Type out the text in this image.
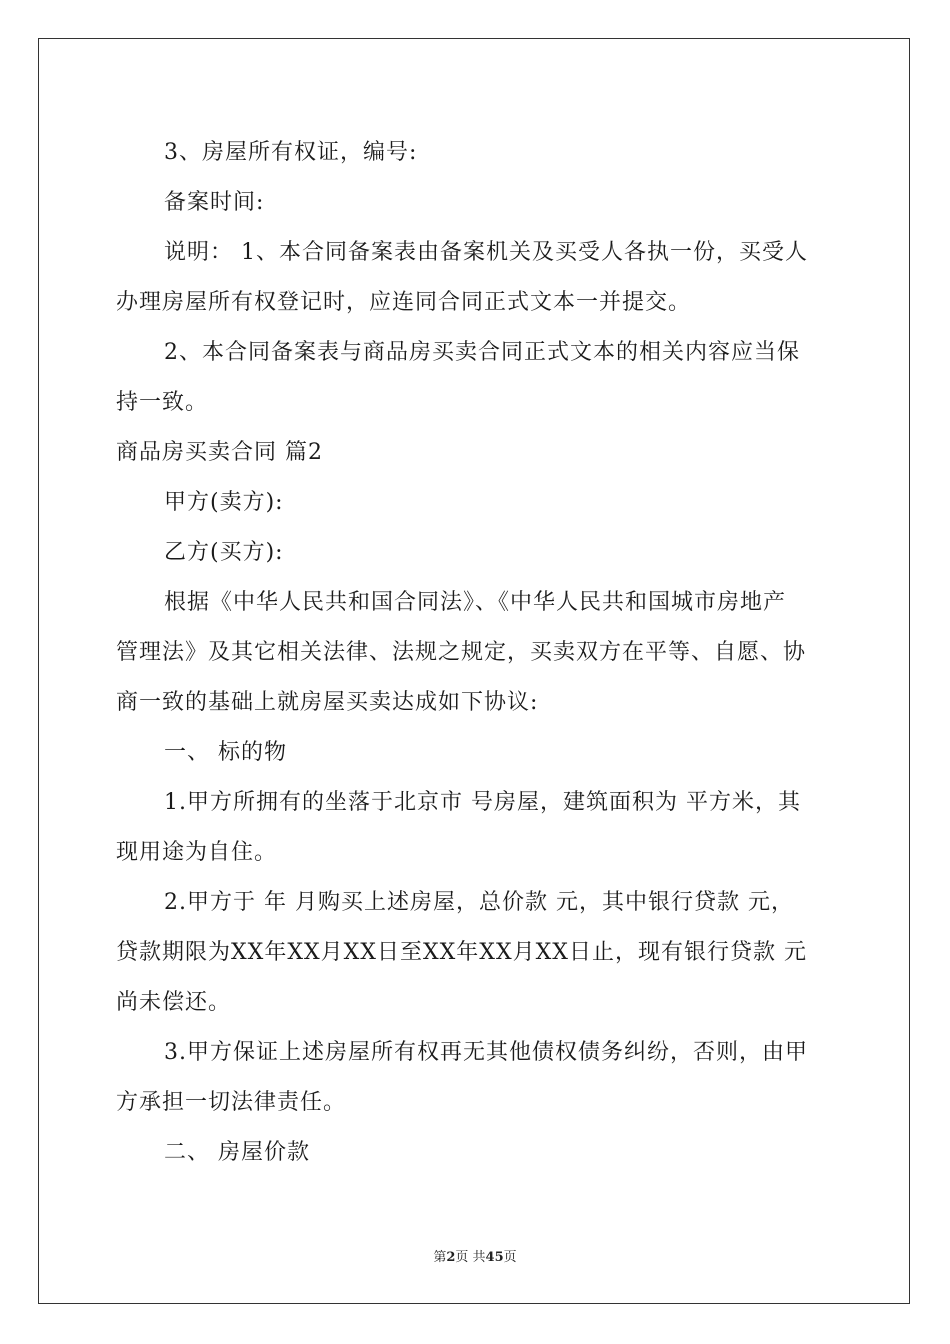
3、房屋所有权证，编号:
备案时间:
说明： 1、本合同备案表由备案机关及买受人各执一份，买受人
办理房屋所有权登记时，应连同合同正式文本一并提交。
2、本合同备案表与商品房买卖合同正式文本的相关内容应当保
持一致。
商品房买卖合同 篇2
甲方(卖方):
乙方(买方):
根据《中华人民共和国合同法》、《中华人民共和国城市房地产
管理法》及其它相关法律、法规之规定，买卖双方在平等、自愿、协
商一致的基础上就房屋买卖达成如下协议:
一、 标的物
1.甲方所拥有的坐落于北京市 号房屋，建筑面积为 平方米，其
现用途为自住。
2.甲方于 年 月购买上述房屋，总价款 元，其中银行贷款 元，
贷款期限为XX年XX月XX日至XX年XX月XX日止，现有银行贷款 元
尚未偿还。
3.甲方保证上述房屋所有权再无其他债权债务纠纷，否则，由甲
方承担一切法律责任。
二、 房屋价款
第2页 共45页
